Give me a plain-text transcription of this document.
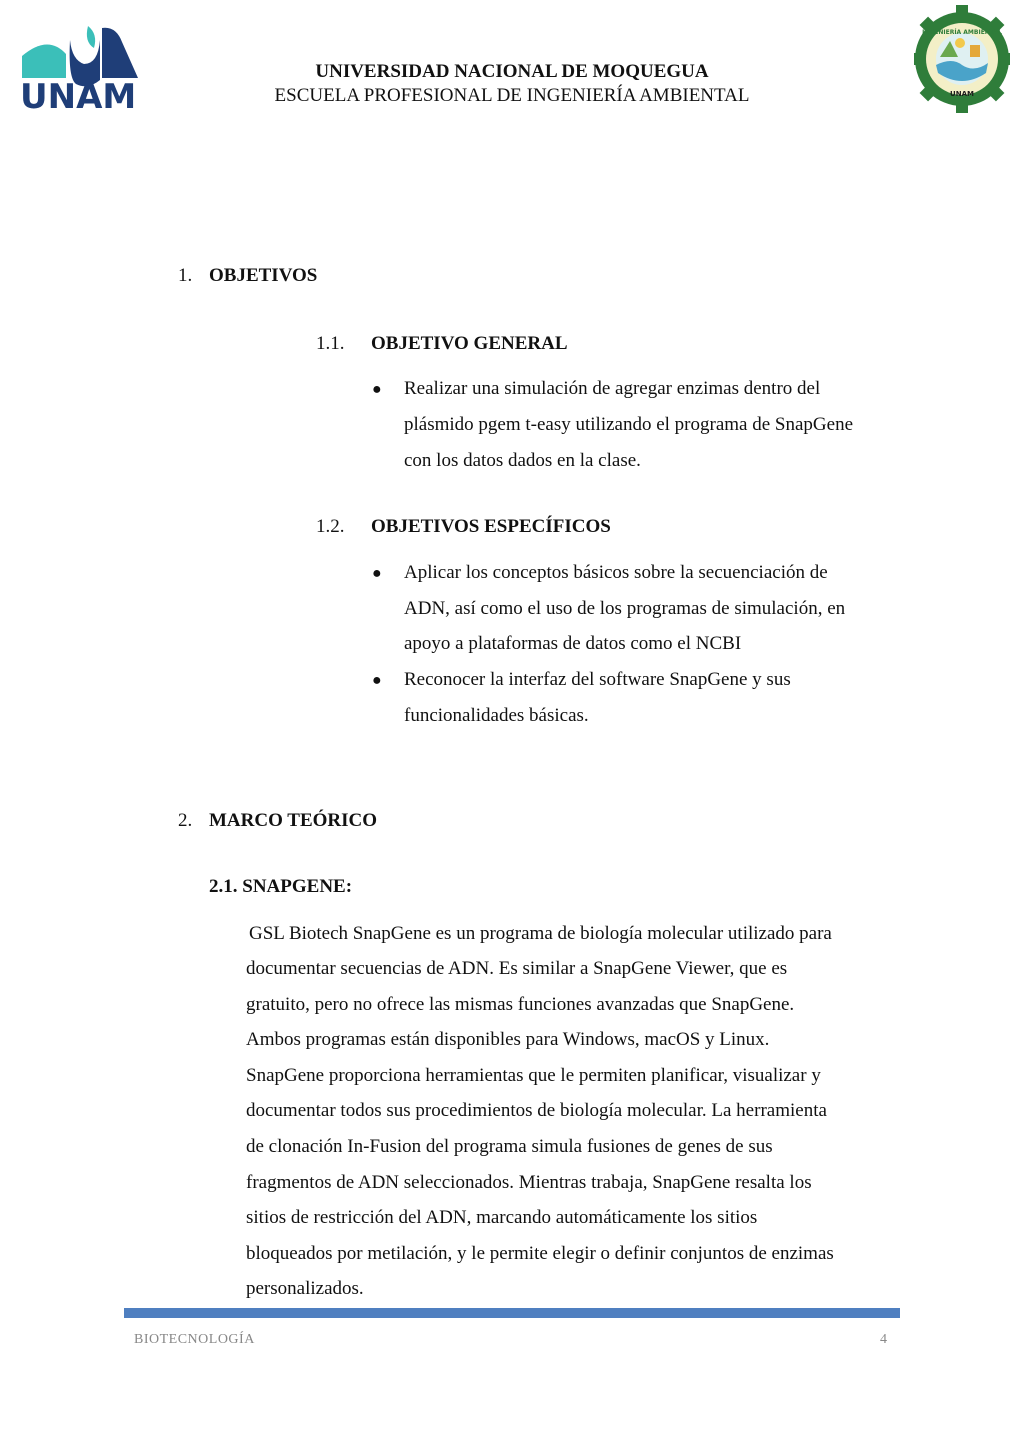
UNAM
INGENIERÍA AMBIENTAL
UNAM
UNIVERSIDAD NACIONAL DE MOQUEGUA
ESCUELA PROFESIONAL DE INGENIERÍA AMBIENTAL
1. OBJETIVOS
1.1. OBJETIVO GENERAL
● Realizar una simulación de agregar enzimas dentro del
plásmido pgem t-easy utilizando el programa de SnapGene
con los datos dados en la clase.
1.2. OBJETIVOS ESPECÍFICOS
● Aplicar los conceptos básicos sobre la secuenciación de
ADN, así como el uso de los programas de simulación, en
apoyo a plataformas de datos como el NCBI
● Reconocer la interfaz del software SnapGene y sus
funcionalidades básicas.
2. MARCO TEÓRICO
2.1. SNAPGENE:
GSL Biotech SnapGene es un programa de biología molecular utilizado para
documentar secuencias de ADN. Es similar a SnapGene Viewer, que es
gratuito, pero no ofrece las mismas funciones avanzadas que SnapGene.
Ambos programas están disponibles para Windows, macOS y Linux.
SnapGene proporciona herramientas que le permiten planificar, visualizar y
documentar todos sus procedimientos de biología molecular. La herramienta
de clonación In-Fusion del programa simula fusiones de genes de sus
fragmentos de ADN seleccionados. Mientras trabaja, SnapGene resalta los
sitios de restricción del ADN, marcando automáticamente los sitios
bloqueados por metilación, y le permite elegir o definir conjuntos de enzimas
personalizados.
BIOTECNOLOGÍA	4
